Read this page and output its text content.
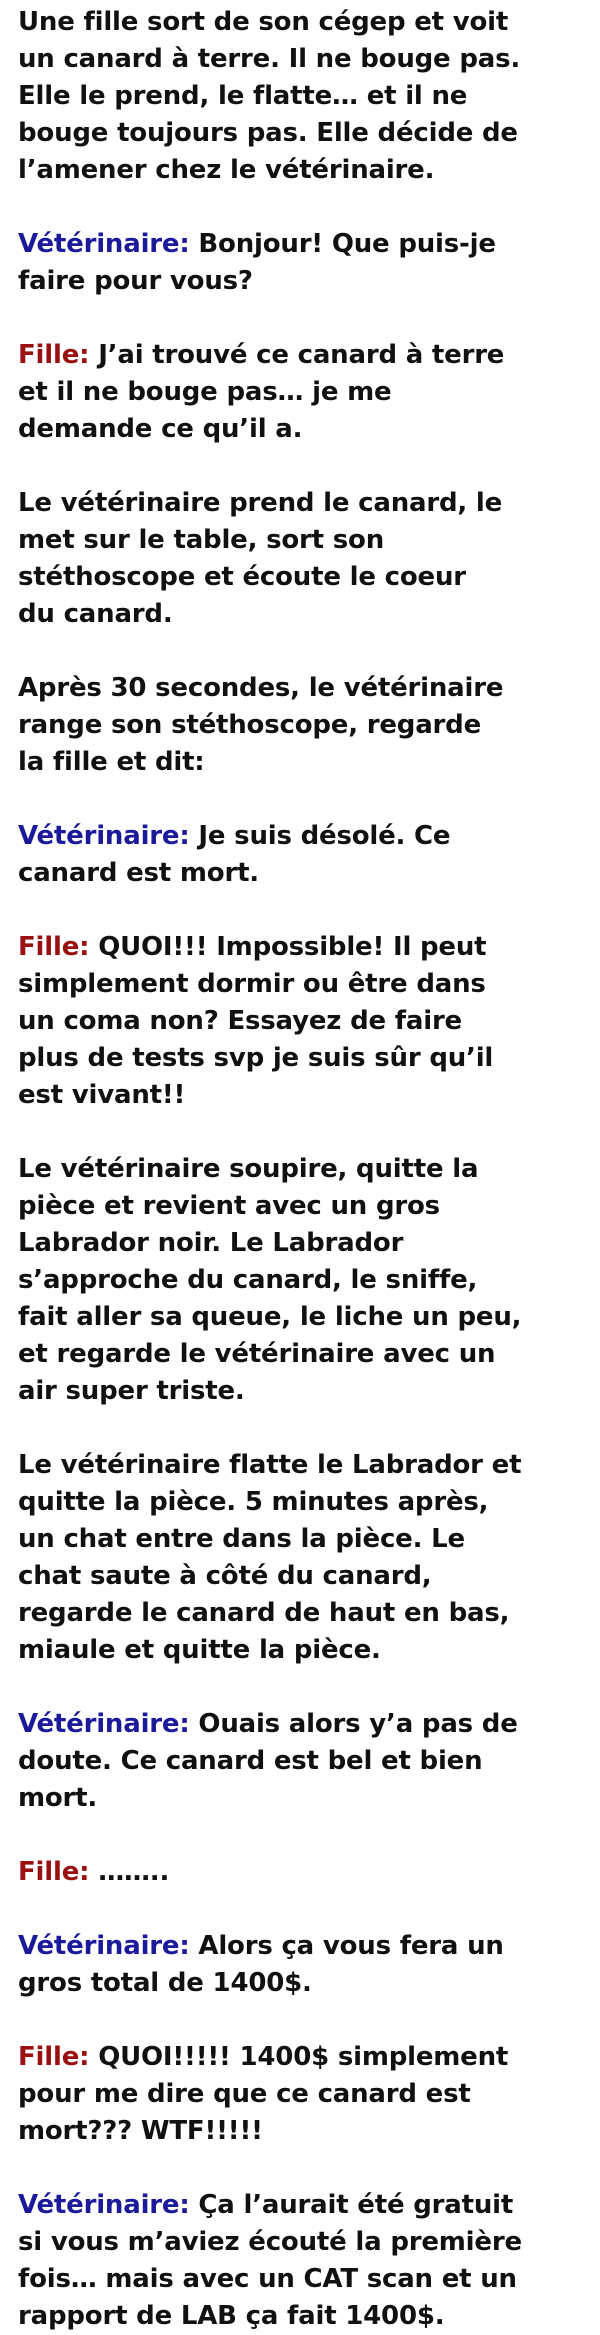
Une fille sort de son cégep et voit
un canard à terre. Il ne bouge pas.
Elle le prend, le flatte… et il ne
bouge toujours pas. Elle décide de
l’amener chez le vétérinaire.

Vétérinaire: Bonjour! Que puis-je
faire pour vous?

Fille: J’ai trouvé ce canard à terre
et il ne bouge pas… je me
demande ce qu’il a.

Le vétérinaire prend le canard, le
met sur le table, sort son
stéthoscope et écoute le coeur
du canard.

Après 30 secondes, le vétérinaire
range son stéthoscope, regarde
la fille et dit:

Vétérinaire: Je suis désolé. Ce
canard est mort.

Fille: QUOI!!! Impossible! Il peut
simplement dormir ou être dans
un coma non? Essayez de faire
plus de tests svp je suis sûr qu’il
est vivant!!

Le vétérinaire soupire, quitte la
pièce et revient avec un gros
Labrador noir. Le Labrador
s’approche du canard, le sniffe,
fait aller sa queue, le liche un peu,
et regarde le vétérinaire avec un
air super triste.

Le vétérinaire flatte le Labrador et
quitte la pièce. 5 minutes après,
un chat entre dans la pièce. Le
chat saute à côté du canard,
regarde le canard de haut en bas,
miaule et quitte la pièce.

Vétérinaire: Ouais alors y’a pas de
doute. Ce canard est bel et bien
mort.

Fille: ……..

Vétérinaire: Alors ça vous fera un
gros total de 1400$.

Fille: QUOI!!!!! 1400$ simplement
pour me dire que ce canard est
mort??? WTF!!!!!

Vétérinaire: Ça l’aurait été gratuit
si vous m’aviez écouté la première
fois… mais avec un CAT scan et un
rapport de LAB ça fait 1400$.
